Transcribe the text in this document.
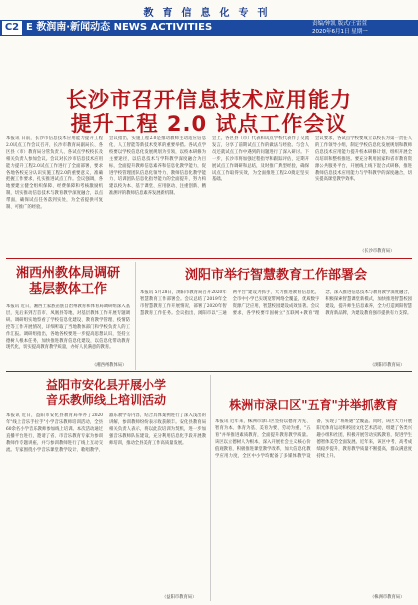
教育信息化专刊
C2 E 教润南·新闻动态 NEWS ACTIVITIES	责编/钟凯 版式/王雷萱
2020年6月1日 星期一
长沙市召开信息技术应用能力
提升工程 2.0 试点工作会议
本报讯 日前，长沙市信息技术应用能力提升工程2.0试点工作会议召开，长沙市教育局副局长、各区县（市）教育局分管负责人、各试点学校校长及相关负责人参加会议。会议对长沙市信息技术应用能力提升工程2.0试点工作进行了全面部署，要求各地各校充分认识实施工程2.0的重要意义，准确把握工作要求，扎实推进试点工作。会议强调，各地要建立健全组织保障、经费保障和考核激励机制，切实推动信息技术与教育教学深度融合，以点带面，确保试点任务落到实处，为全省提供可复制、可推广的经验。
会议指出，实施工程2.0是推动教师主动适应信息化、人工智能等新技术变革的重要举措。各试点学校要以学校信息化发展规划为引领，以校本研修为主要途径，以信息技术与学科教学深度融合为目标，全面提升教师信息素养和信息化教学能力，促进学校管理团队信息化领导力、教师信息化教学能力、培训团队信息化指导能力的全面提升，努力构建以校为本、基于课堂、应用驱动、注重创新、精准测评的教师信息素养发展新机制。
会上，各区县（市）代表和试点学校代表作了交流发言，分享了前期试点工作的做法与经验。与会人员还就试点工作中遇到的问题进行了深入研讨。下一步，长沙市将加强过程指导和跟踪评估，定期开展试点工作调研和总结，及时推广典型经验，确保试点工作取得实效，为全面推进工程2.0奠定坚实基础。
会议要求，各试点学校要成立以校长为第一责任人的工作领导小组，制定学校信息化发展规划和教师信息技术应用能力提升校本研修计划，组织开展全员培训和整校推进。要充分利用国家和省市教育资源公共服务平台，开展线上线下混合式研修，推进教师信息技术应用能力与学科教学的深度融合，切实提高课堂教学效率。
（长沙市教育局）
湘西州教体局调研
基层教体工作
本报讯 近日，湘西土家族苗族自治州教育和体育局调研组深入基层，先后来到吉首市、凤凰县等地，对基层教体工作开展专题调研。调研组实地察看了学校信息化建设、教育教学管理、疫情防控等工作开展情况，详细听取了当地教体部门和学校负责人的工作汇报。调研组指出，各地各校要进一步提高思想认识，坚持立德树人根本任务，加快推进教育信息化建设，以信息化带动教育现代化，切实提高教育教学质量，办好人民满意的教育。
（湘西州教体局）
浏阳市举行智慧教育工作部署会
本报讯 5月28日，浏阳市教育局召开2020年智慧教育工作部署会。会议总结了2019年全市智慧教育工作开展情况，部署了2020年智慧教育工作任务。会议指出，浏阳市以"三通两平台"建设为抓手，大力推进教育信息化，全市中小学已实现宽带网络全覆盖，优质数字资源广泛应用，智慧校园建设成效显著。会议要求，各学校要牢固树立"互联网+教育"理念，深入推进信息技术与教育教学深度融合，积极探索智慧课堂新模式，加快推进智慧校园建设，提升师生信息素养，全力打造浏阳智慧教育新品牌，为建设教育强市提供有力支撑。
（浏阳市教育局）
益阳市安化县开展小学
音乐教师线上培训活动
本报讯 近日，益阳市安化县教育局举办了2020年"线上音乐手拉手"小学音乐教师培训活动，全县60余名小学音乐教师参加线上培训。本次活动通过直播平台进行，邀请了省、市音乐教育专家为参训教师作专题讲座，并与参训教师进行了线上互动交流。专家围绕小学音乐课堂教学设计、歌唱教学、器乐教学等内容，结合具体案例进行了深入浅出的讲解，参训教师纷纷表示收获颇丰。安化县教育局相关负责人表示，将以此次培训为契机，进一步加强音乐教师队伍建设，充分利用信息化手段开展教师培训，推动全县美育工作高质量发展。
（益阳市教育局）
株洲市渌口区"五育"并举抓教育
本报讯 近年来，株洲市渌口区坚持以德育为先、智育为本、体育为基、美育为要、劳动为重，"五育"并举推进素质教育，全面提升教育教学质量。该区以立德树人为根本，深入开展社会主义核心价值观教育，积极推进课堂教学改革，加大信息化教学应用力度，全区中小学均配备了多媒体教学设备，实现了"班班通"全覆盖。同时，该区大力开展阳光体育运动和校园文化艺术活动，组建了各类兴趣小组和社团，积极开展劳动实践教育，促进学生德智体美劳全面发展。近年来，该区中考、高考成绩稳步提升，教育教学质量不断提高，群众满意度持续上升。
（株洲市教育局）
